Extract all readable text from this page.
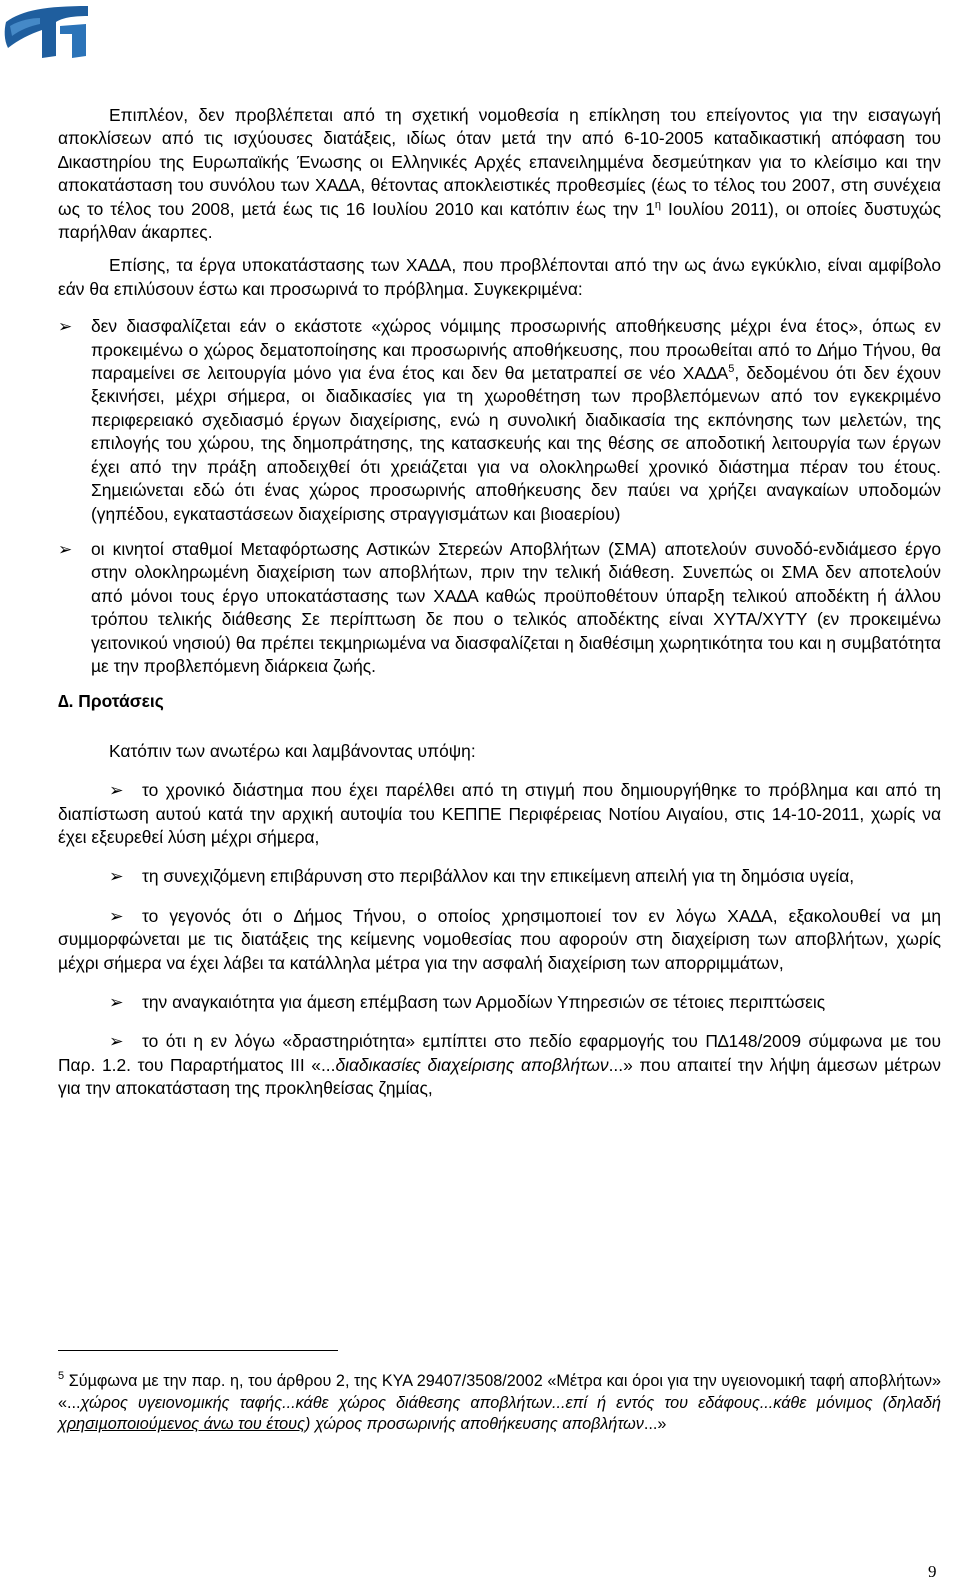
Επιπλέον, δεν προβλέπεται από τη σχετική νοµοθεσία η επίκληση του επείγοντος για την εισαγωγή αποκλίσεων από τις ισχύουσες διατάξεις, ιδίως όταν µετά την από 6-10-2005 καταδικαστική απόφαση του ∆ικαστηρίου της Ευρωπαϊκής Ένωσης οι Ελληνικές Αρχές επανειληµµένα δεσµεύτηκαν για το κλείσιµο και την αποκατάσταση του συνόλου των ΧΑ∆Α, θέτοντας αποκλειστικές προθεσµίες (έως το τέλος του 2007, στη συνέχεια ως το τέλος του 2008, µετά έως τις 16 Ιουλίου 2010 και κατόπιν έως την $1^\eta$ Ιουλίου 2011), οι οποίες δυστυχώς παρήλθαν άκαρπες.

Επίσης, τα έργα υποκατάστασης των ΧΑ∆Α, που προβλέπονται από την ως άνω εγκύκλιο, είναι αµφίβολο εάν θα επιλύσουν έστω και προσωρινά το πρόβληµα. Συγκεκριµένα:

➢	δεν διασφαλίζεται εάν ο εκάστοτε «χώρος νόµιµης προσωρινής αποθήκευσης µέχρι ένα έτος», όπως εν προκειµένω ο χώρος δεµατοποίησης και προσωρινής αποθήκευσης, που προωθείται από το ∆ήµο Τήνου, θα παραµείνει σε λειτουργία µόνο για ένα έτος και δεν θα µετατραπεί σε νέο $XA\Delta A^5$, δεδοµένου ότι δεν έχουν ξεκινήσει, µέχρι σήµερα, οι διαδικασίες για τη χωροθέτηση των προβλεπόµενων από τον εγκεκριµένο περιφερειακό σχεδιασµό έργων διαχείρισης, ενώ η συνολική διαδικασία της εκπόνησης των µελετών, της επιλογής του χώρου, της δηµοπράτησης, της κατασκευής και της θέσης σε αποδοτική λειτουργία των έργων έχει από την πράξη αποδειχθεί ότι χρειάζεται για να ολοκληρωθεί χρονικό διάστηµα πέραν του έτους. Σηµειώνεται εδώ ότι ένας χώρος προσωρινής αποθήκευσης δεν παύει να χρήζει αναγκαίων υποδοµών (γηπέδου, εγκαταστάσεων διαχείρισης στραγγισµάτων και βιοαερίου)
➢	οι κινητοί σταθµοί Μεταφόρτωσης Αστικών Στερεών Αποβλήτων (ΣΜΑ) αποτελούν συνοδό-ενδιάµεσο έργο στην ολοκληρωµένη διαχείριση των αποβλήτων, πριν την τελική διάθεση. Συνεπώς οι ΣΜΑ δεν αποτελούν από µόνοι τους έργο υποκατάστασης των ΧΑ∆Α καθώς προϋποθέτουν ύπαρξη τελικού αποδέκτη ή άλλου τρόπου τελικής διάθεσης Σε περίπτωση δε που ο τελικός αποδέκτης είναι ΧΥΤΑ/ΧΥΤΥ (εν προκειµένω γειτονικού νησιού) θα πρέπει τεκµηριωµένα να διασφαλίζεται η διαθέσιµη χωρητικότητα του και η συµβατότητα µε την προβλεπόµενη διάρκεια ζωής.

∆. Προτάσεις

Κατόπιν των ανωτέρω και λαµβάνοντας υπόψη:

➢ το χρονικό διάστηµα που έχει παρέλθει από τη στιγµή που δηµιουργήθηκε το πρόβληµα και από τη διαπίστωση αυτού κατά την αρχική αυτοψία του ΚΕΠΠΕ Περιφέρειας Νοτίου Αιγαίου, στις 14-10-2011, χωρίς να έχει εξευρεθεί λύση µέχρι σήµερα,

➢ τη συνεχιζόµενη επιβάρυνση στο περιβάλλον και την επικείµενη απειλή για τη δηµόσια υγεία,

➢ το γεγονός ότι ο ∆ήµος Τήνου, ο οποίος χρησιµοποιεί τον εν λόγω ΧΑ∆Α, εξακολουθεί να µη συµµορφώνεται µε τις διατάξεις της κείµενης νοµοθεσίας που αφορούν στη διαχείριση των αποβλήτων, χωρίς µέχρι σήµερα να έχει λάβει τα κατάλληλα µέτρα για την ασφαλή διαχείριση των απορριµµάτων,

➢ την αναγκαιότητα για άµεση επέµβαση των Αρµοδίων Υπηρεσιών σε τέτοιες περιπτώσεις

➢ το ότι η εν λόγω «δραστηριότητα» εµπίπτει στο πεδίο εφαρµογής του Π∆148/2009 σύµφωνα µε του Παρ. 1.2. του Παραρτήµατος ΙΙΙ «...διαδικασίες διαχείρισης αποβλήτων...» που απαιτεί την λήψη άµεσων µέτρων για την αποκατάσταση της προκληθείσας ζηµίας,

$^5$ Σύµφωνα µε την παρ. η, του άρθρου 2, της ΚΥΑ 29407/3508/2002 «Μέτρα και όροι για την υγειονοµική ταφή αποβλήτων» «...χώρος υγειονοµικής ταφής...κάθε χώρος διάθεσης αποβλήτων...επί ή εντός του εδάφους...κάθε µόνιµος (δηλαδή χρησιµοποιούµενος άνω του έτους) χώρος προσωρινής αποθήκευσης αποβλήτων...»

9
